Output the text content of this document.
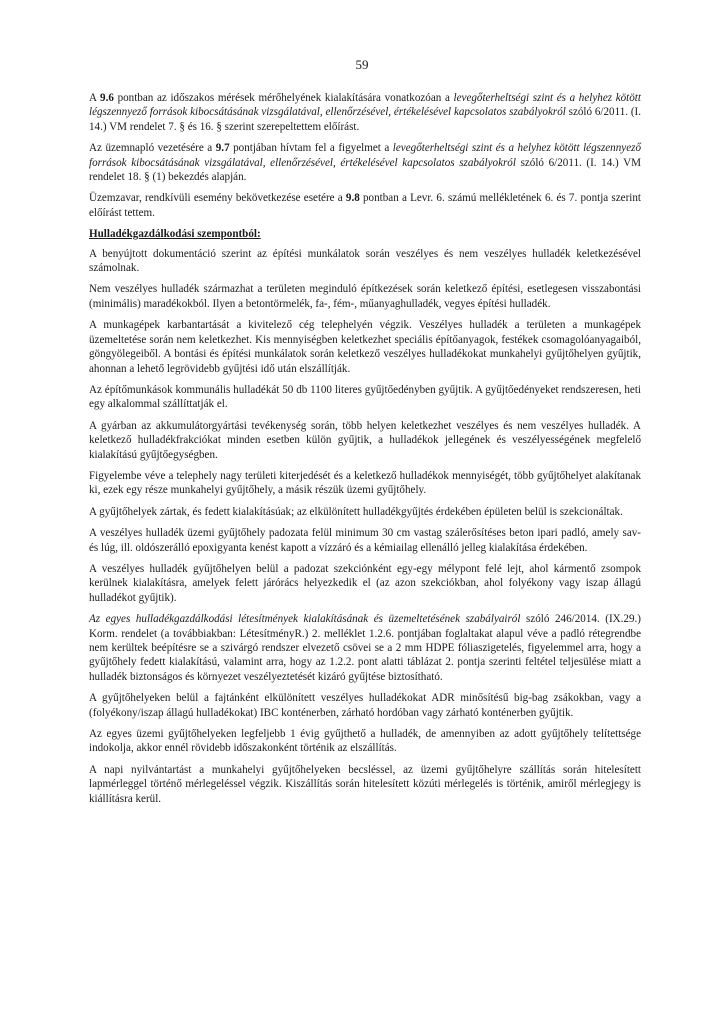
59

A 9.6 pontban az időszakos mérések mérőhelyének kialakítására vonatkozóan a levegőterheltségi szint és a helyhez kötött légszennyező források kibocsátásának vizsgálatával, ellenőrzésével, értékelésével kapcsolatos szabályokról szóló 6/2011. (I. 14.) VM rendelet 7. § és 16. § szerint szerepeltettem előírást.

Az üzemnapló vezetésére a 9.7 pontjában hívtam fel a figyelmet a levegőterheltségi szint és a helyhez kötött légszennyező források kibocsátásának vizsgálatával, ellenőrzésével, értékelésével kapcsolatos szabályokról szóló 6/2011. (I. 14.) VM rendelet 18. § (1) bekezdés alapján.

Üzemzavar, rendkívüli esemény bekövetkezése esetére a 9.8 pontban a Levr. 6. számú mellékletének 6. és 7. pontja szerint előírást tettem.

Hulladékgazdálkodási szempontból:

A benyújtott dokumentáció szerint az építési munkálatok során veszélyes és nem veszélyes hulladék keletkezésével számolnak.

Nem veszélyes hulladék származhat a területen meginduló építkezések során keletkező építési, esetlegesen visszabontási (minimális) maradékokból. Ilyen a betontörmelék, fa-, fém-, műanyaghulladék, vegyes építési hulladék.

A munkagépek karbantartását a kivitelező cég telephelyén végzik. Veszélyes hulladék a területen a munkagépek üzemeltetése során nem keletkezhet. Kis mennyiségben keletkezhet speciális építőanyagok, festékek csomagolóanyagaiból, göngyölegeiből. A bontási és építési munkálatok során keletkező veszélyes hulladékokat munkahelyi gyűjtőhelyen gyűjtik, ahonnan a lehető legrövidebb gyűjtési idő után elszállítják.

Az építőmunkások kommunális hulladékát 50 db 1100 literes gyűjtőedényben gyűjtik. A gyűjtőedényeket rendszeresen, heti egy alkalommal szállíttatják el.

A gyárban az akkumulátorgyártási tevékenység során, több helyen keletkezhet veszélyes és nem veszélyes hulladék. A keletkező hulladékfrakciókat minden esetben külön gyűjtik, a hulladékok jellegének és veszélyességének megfelelő kialakítású gyűjtőegységben.

Figyelembe véve a telephely nagy területi kiterjedését és a keletkező hulladékok mennyiségét, több gyűjtőhelyet alakítanak ki, ezek egy része munkahelyi gyűjtőhely, a másik részük üzemi gyűjtőhely.

A gyűjtőhelyek zártak, és fedett kialakításúak; az elkülönített hulladékgyűjtés érdekében épületen belül is szekcionáltak.

A veszélyes hulladék üzemi gyűjtőhely padozata felül minimum 30 cm vastag szálerősítéses beton ipari padló, amely sav- és lúg, ill. oldószerálló epoxigyanta kenést kapott a vízzáró és a kémiailag ellenálló jelleg kialakítása érdekében.

A veszélyes hulladék gyűjtőhelyen belül a padozat szekciónként egy-egy mélypont felé lejt, ahol kármentő zsompok kerülnek kialakításra, amelyek felett járórács helyezkedik el (az azon szekciókban, ahol folyékony vagy iszap állagú hulladékot gyűjtik).

Az egyes hulladékgazdálkodási létesítmények kialakításának és üzemeltetésének szabályairól szóló 246/2014. (IX.29.) Korm. rendelet (a továbbiakban: LétesítményR.) 2. melléklet 1.2.6. pontjában foglaltakat alapul véve a padló rétegrendbe nem kerültek beépítésre se a szivárgó rendszer elvezető csövei se a 2 mm HDPE fóliaszigetelés, figyelemmel arra, hogy a gyűjtőhely fedett kialakítású, valamint arra, hogy az 1.2.2. pont alatti táblázat 2. pontja szerinti feltétel teljesülése miatt a hulladék biztonságos és környezet veszélyeztetését kizáró gyűjtése biztosítható.

A gyűjtőhelyeken belül a fajtánként elkülönített veszélyes hulladékokat ADR minősítésű big-bag zsákokban, vagy a (folyékony/iszap állagú hulladékokat) IBC konténerben, zárható hordóban vagy zárható konténerben gyűjtik.

Az egyes üzemi gyűjtőhelyeken legfeljebb 1 évig gyűjthető a hulladék, de amennyiben az adott gyűjtőhely telítettsége indokolja, akkor ennél rövidebb időszakonként történik az elszállítás.

A napi nyilvántartást a munkahelyi gyűjtőhelyeken becsléssel, az üzemi gyűjtőhelyre szállítás során hitelesített lapmérleggel történő mérlegeléssel végzik. Kiszállítás során hitelesített közúti mérlegelés is történik, amiről mérlegjegy is kiállításra kerül.
